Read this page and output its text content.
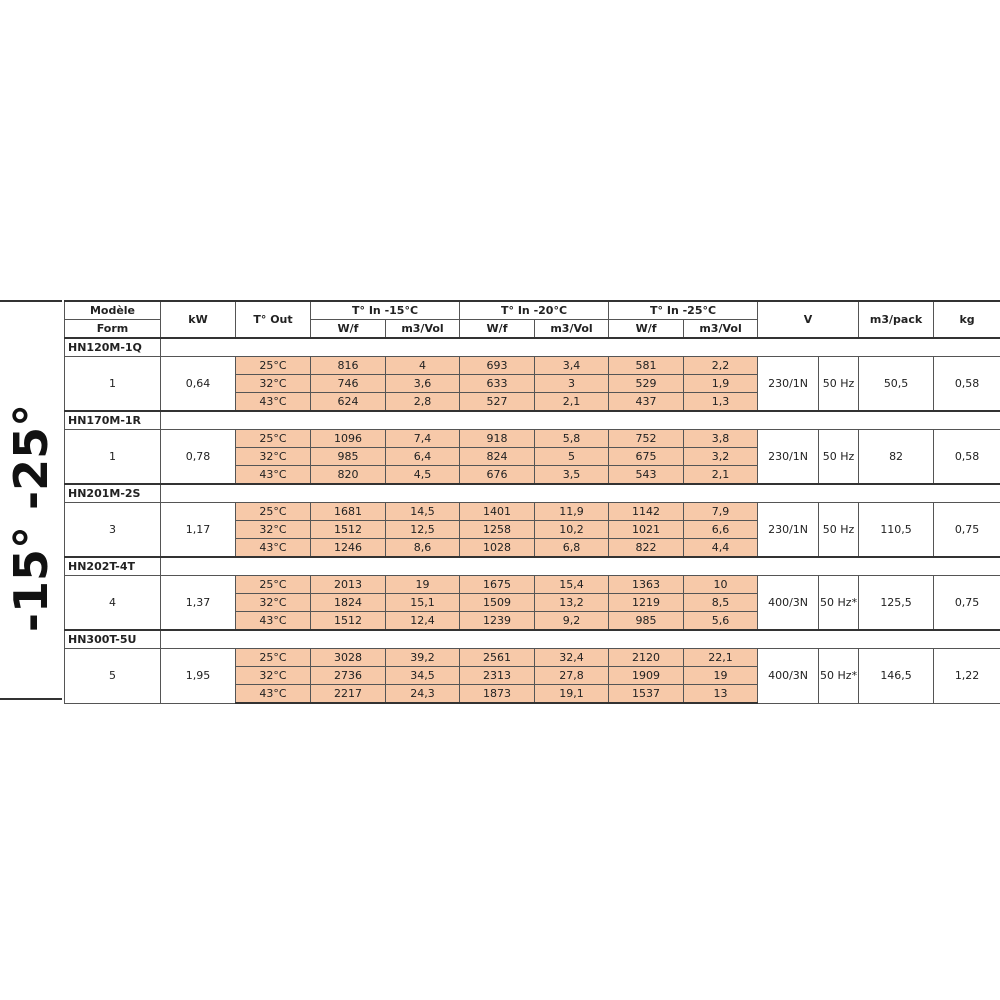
-15° -25°
Modèle	kW	T° Out	T° In -15°C		T° In -20°C		T° In -25°C		V		m3/pack	kg
Form			W/f	m3/Vol	W/f	m3/Vol	W/f	m3/Vol				
HN120M-1Q												
1	0,64	25°C	816	4	693	3,4	581	2,2	230/1N	50 Hz	50,5	0,58
		32°C	746	3,6	633	3	529	1,9				
		43°C	624	2,8	527	2,1	437	1,3				
HN170M-1R												
1	0,78	25°C	1096	7,4	918	5,8	752	3,8	230/1N	50 Hz	82	0,58
		32°C	985	6,4	824	5	675	3,2				
		43°C	820	4,5	676	3,5	543	2,1				
HN201M-2S												
3	1,17	25°C	1681	14,5	1401	11,9	1142	7,9	230/1N	50 Hz	110,5	0,75
		32°C	1512	12,5	1258	10,2	1021	6,6				
		43°C	1246	8,6	1028	6,8	822	4,4				
HN202T-4T												
4	1,37	25°C	2013	19	1675	15,4	1363	10	400/3N	50 Hz*	125,5	0,75
		32°C	1824	15,1	1509	13,2	1219	8,5				
		43°C	1512	12,4	1239	9,2	985	5,6				
HN300T-5U												
5	1,95	25°C	3028	39,2	2561	32,4	2120	22,1	400/3N	50 Hz*	146,5	1,22
		32°C	2736	34,5	2313	27,8	1909	19				
		43°C	2217	24,3	1873	19,1	1537	13				
